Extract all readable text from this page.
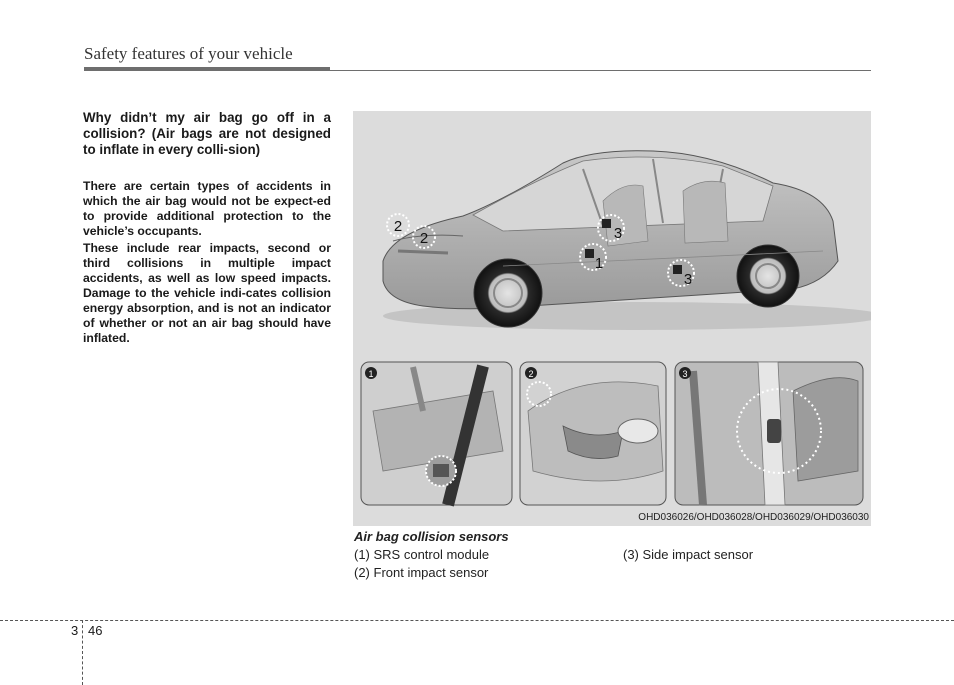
Safety features of your vehicle
Why didn’t my air bag go off in a collision? (Air bags are not designed to inflate in every colli-sion)
There are certain types of accidents in which the air bag would not be expect-ed to provide additional protection to the vehicle’s occupants.
These include rear impacts, second or third collisions in multiple impact accidents, as well as low speed impacts. Damage to the vehicle indi-cates collision energy absorption, and is not an indicator of whether or not an air bag should have inflated.
2
2	3
1
3
1	2	3
OHD036026/OHD036028/OHD036029/OHD036030
Air bag collision sensors
(1) SRS control module
(2) Front impact sensor
(3) Side impact sensor
3 46
